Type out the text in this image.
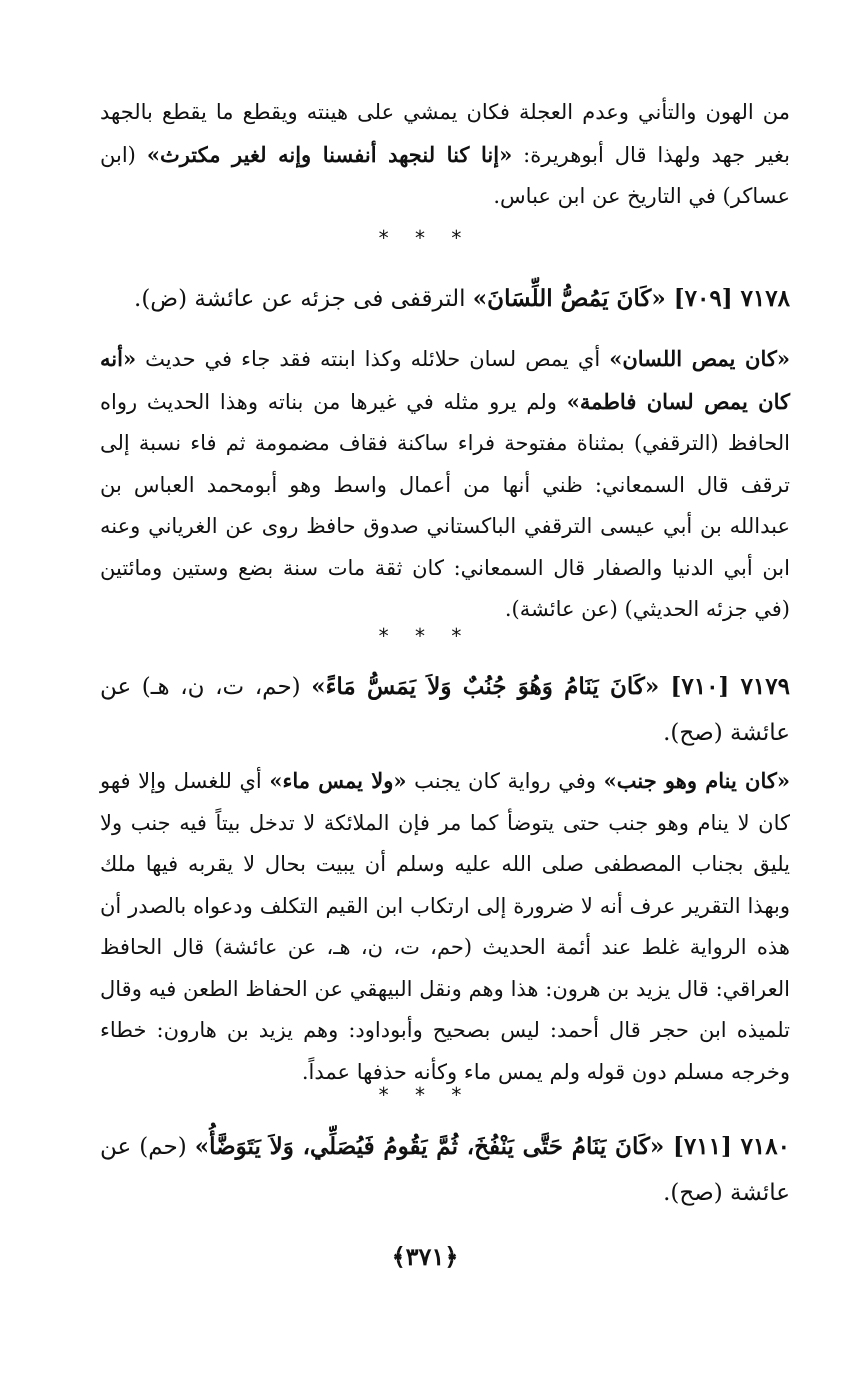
من الهون والتأني وعدم العجلة فكان يمشي على هينته ويقطع ما يقطع بالجهد بغير جهد ولهذا قال أبوهريرة: «إنا كنا لنجهد أنفسنا وإنه لغير مكترث» (ابن عساكر) في التاريخ عن ابن عباس.
* * *
٧١٧٨ [٧٠٩] «كَانَ يَمُصُّ اللِّسَانَ» الترقفى فى جزئه عن عائشة (ض).
«كان يمص اللسان» أي يمص لسان حلائله وكذا ابنته فقد جاء في حديث «أنه كان يمص لسان فاطمة» ولم يرو مثله في غيرها من بناته وهذا الحديث رواه الحافظ (الترقفي) بمثناة مفتوحة فراء ساكنة فقاف مضمومة ثم فاء نسبة إلى ترقف قال السمعاني: ظني أنها من أعمال واسط وهو أبومحمد العباس بن عبدالله بن أبي عيسى الترقفي الباكستاني صدوق حافظ روى عن الغرياني وعنه ابن أبي الدنيا والصفار قال السمعاني: كان ثقة مات سنة بضع وستين ومائتين (في جزئه الحديثي) (عن عائشة).
* * *
٧١٧٩ [٧١٠] «كَانَ يَنَامُ وَهُوَ جُنُبٌ وَلاَ يَمَسُّ مَاءً» (حم، ت، ن، هـ) عن عائشة (صح).
«كان ينام وهو جنب» وفي رواية كان يجنب «ولا يمس ماء» أي للغسل وإلا فهو كان لا ينام وهو جنب حتى يتوضأ كما مر فإن الملائكة لا تدخل بيتاً فيه جنب ولا يليق بجناب المصطفى صلى الله عليه وسلم أن يبيت بحال لا يقربه فيها ملك وبهذا التقرير عرف أنه لا ضرورة إلى ارتكاب ابن القيم التكلف ودعواه بالصدر أن هذه الرواية غلط عند أئمة الحديث (حم، ت، ن، هـ، عن عائشة) قال الحافظ العراقي: قال يزيد بن هرون: هذا وهم ونقل البيهقي عن الحفاظ الطعن فيه وقال تلميذه ابن حجر قال أحمد: ليس بصحيح وأبوداود: وهم يزيد بن هارون: خطاء وخرجه مسلم دون قوله ولم يمس ماء وكأنه حذفها عمداً.
* * *
٧١٨٠ [٧١١] «كَانَ يَنَامُ حَتَّى يَنْفُخَ، ثُمَّ يَقُومُ فَيُصَلِّي، وَلاَ يَتَوَضَّأُ» (حم) عن عائشة (صح).
﴿٣٧١﴾
